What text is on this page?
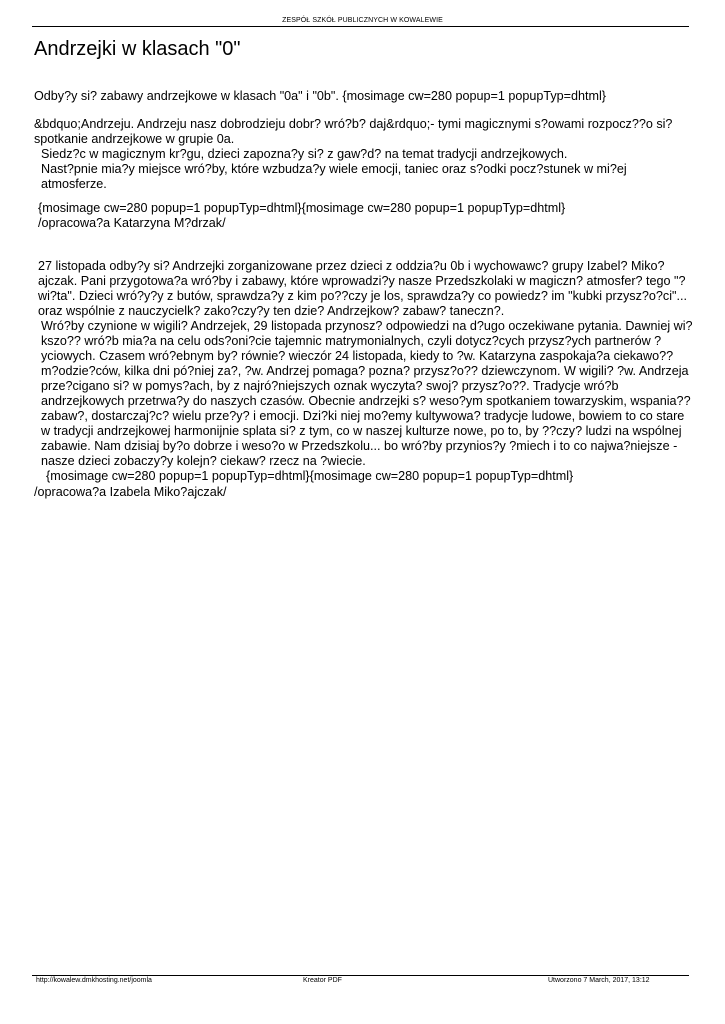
ZESPÓŁ SZKÓŁ PUBLICZNYCH W KOWALEWIE
Andrzejki w klasach "0"

Odby?y si? zabawy andrzejkowe w klasach "0a" i "0b". {mosimage cw=280 popup=1 popupTyp=dhtml}

&bdquo;Andrzeju. Andrzeju nasz dobrodzieju dobr? wró?b? daj&rdquo;- tymi magicznymi s?owami rozpocz??o si? spotkanie andrzejkowe w grupie 0a.

Siedz?c w magicznym kr?gu, dzieci zapozna?y si? z gaw?d? na temat tradycji andrzejkowych.

Nast?pnie mia?y miejsce wró?by, które wzbudza?y wiele emocji, taniec oraz s?odki pocz?stunek w mi?ej atmosferze.

{mosimage cw=280 popup=1 popupTyp=dhtml}{mosimage cw=280 popup=1 popupTyp=dhtml}

/opracowa?a Katarzyna M?drzak/

27 listopada odby?y si? Andrzejki zorganizowane przez dzieci z oddzia?u 0b i wychowawc? grupy Izabel? Miko?ajczak. Pani przygotowa?a wró?by i zabawy, które wprowadzi?y nasze Przedszkolaki w magiczn? atmosfer? tego "?wi?ta". Dzieci wró?y?y z butów, sprawdza?y z kim po??czy je los, sprawdza?y co powiedz? im "kubki przysz?o?ci"... oraz wspólnie z nauczycielk? zako?czy?y ten dzie? Andrzejkow? zabaw? taneczn?.

Wró?by czynione w wigili? Andrzejek, 29 listopada przynosz? odpowiedzi na d?ugo oczekiwane pytania. Dawniej wi?kszo?? wró?b mia?a na celu ods?oni?cie tajemnic matrymonialnych, czyli dotycz?cych przysz?ych partnerów ?yciowych. Czasem wró?ebnym by? równie? wieczór 24 listopada, kiedy to ?w. Katarzyna zaspokaja?a ciekawo?? m?odzie?ców, kilka dni pó?niej za?, ?w. Andrzej pomaga? pozna? przysz?o?? dziewczynom. W wigili? ?w. Andrzeja prze?cigano si? w pomys?ach, by z najró?niejszych oznak wyczyta? swoj? przysz?o??. Tradycje wró?b andrzejkowych przetrwa?y do naszych czasów. Obecnie andrzejki s? weso?ym spotkaniem towarzyskim, wspania?? zabaw?, dostarczaj?c? wielu prze?y? i emocji. Dzi?ki niej mo?emy kultywowa? tradycje ludowe, bowiem to co stare w tradycji andrzejkowej harmonijnie splata si? z tym, co w naszej kulturze nowe, po to, by ??czy? ludzi na wspólnej zabawie. Nam dzisiaj by?o dobrze i weso?o w Przedszkolu... bo wró?by przynios?y ?miech i to co najwa?niejsze - nasze dzieci zobaczy?y kolejn? ciekaw? rzecz na ?wiecie.

{mosimage cw=280 popup=1 popupTyp=dhtml}{mosimage cw=280 popup=1 popupTyp=dhtml}

/opracowa?a Izabela Miko?ajczak/

http://kowalew.dmkhosting.net/joomla	Kreator PDF	Utworzono 7 March, 2017, 13:12
